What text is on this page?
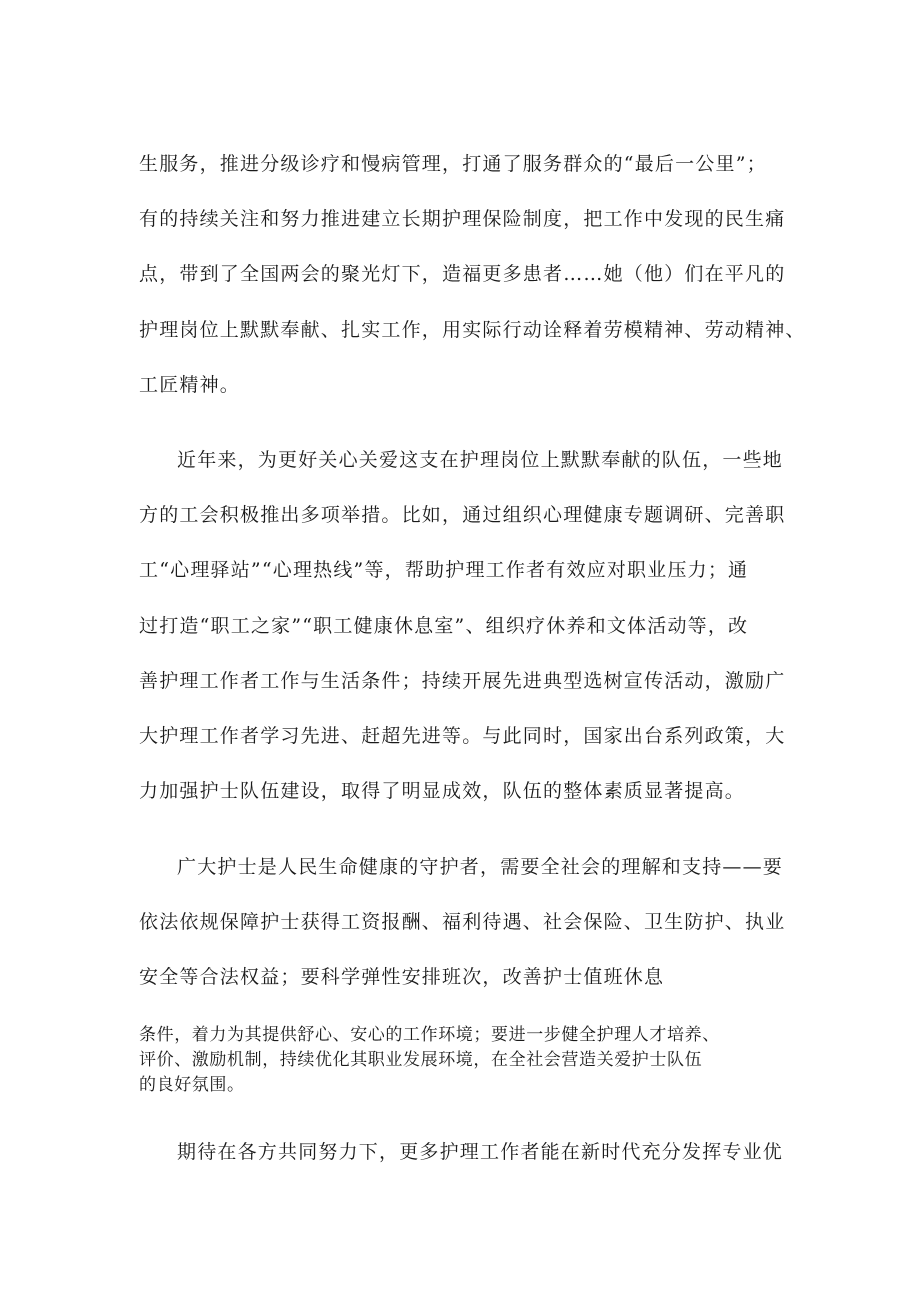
生服务，推进分级诊疗和慢病管理，打通了服务群众的“最后一公里”；
有的持续关注和努力推进建立长期护理保险制度，把工作中发现的民生痛
点，带到了全国两会的聚光灯下，造福更多患者……她（他）们在平凡的
护理岗位上默默奉献、扎实工作，用实际行动诠释着劳模精神、劳动精神、
工匠精神。
近年来，为更好关心关爱这支在护理岗位上默默奉献的队伍，一些地
方的工会积极推出多项举措。比如，通过组织心理健康专题调研、完善职
工“心理驿站”“心理热线”等，帮助护理工作者有效应对职业压力；通
过打造“职工之家”“职工健康休息室”、组织疗休养和文体活动等，改
善护理工作者工作与生活条件；持续开展先进典型选树宣传活动，激励广
大护理工作者学习先进、赶超先进等。与此同时，国家出台系列政策，大
力加强护士队伍建设，取得了明显成效，队伍的整体素质显著提高。
广大护士是人民生命健康的守护者，需要全社会的理解和支持——要
依法依规保障护士获得工资报酬、福利待遇、社会保险、卫生防护、执业
安全等合法权益；要科学弹性安排班次，改善护士值班休息
条件，着力为其提供舒心、安心的工作环境；要进一步健全护理人才培养、
评价、激励机制，持续优化其职业发展环境，在全社会营造关爱护士队伍
的良好氛围。
期待在各方共同努力下，更多护理工作者能在新时代充分发挥专业优
